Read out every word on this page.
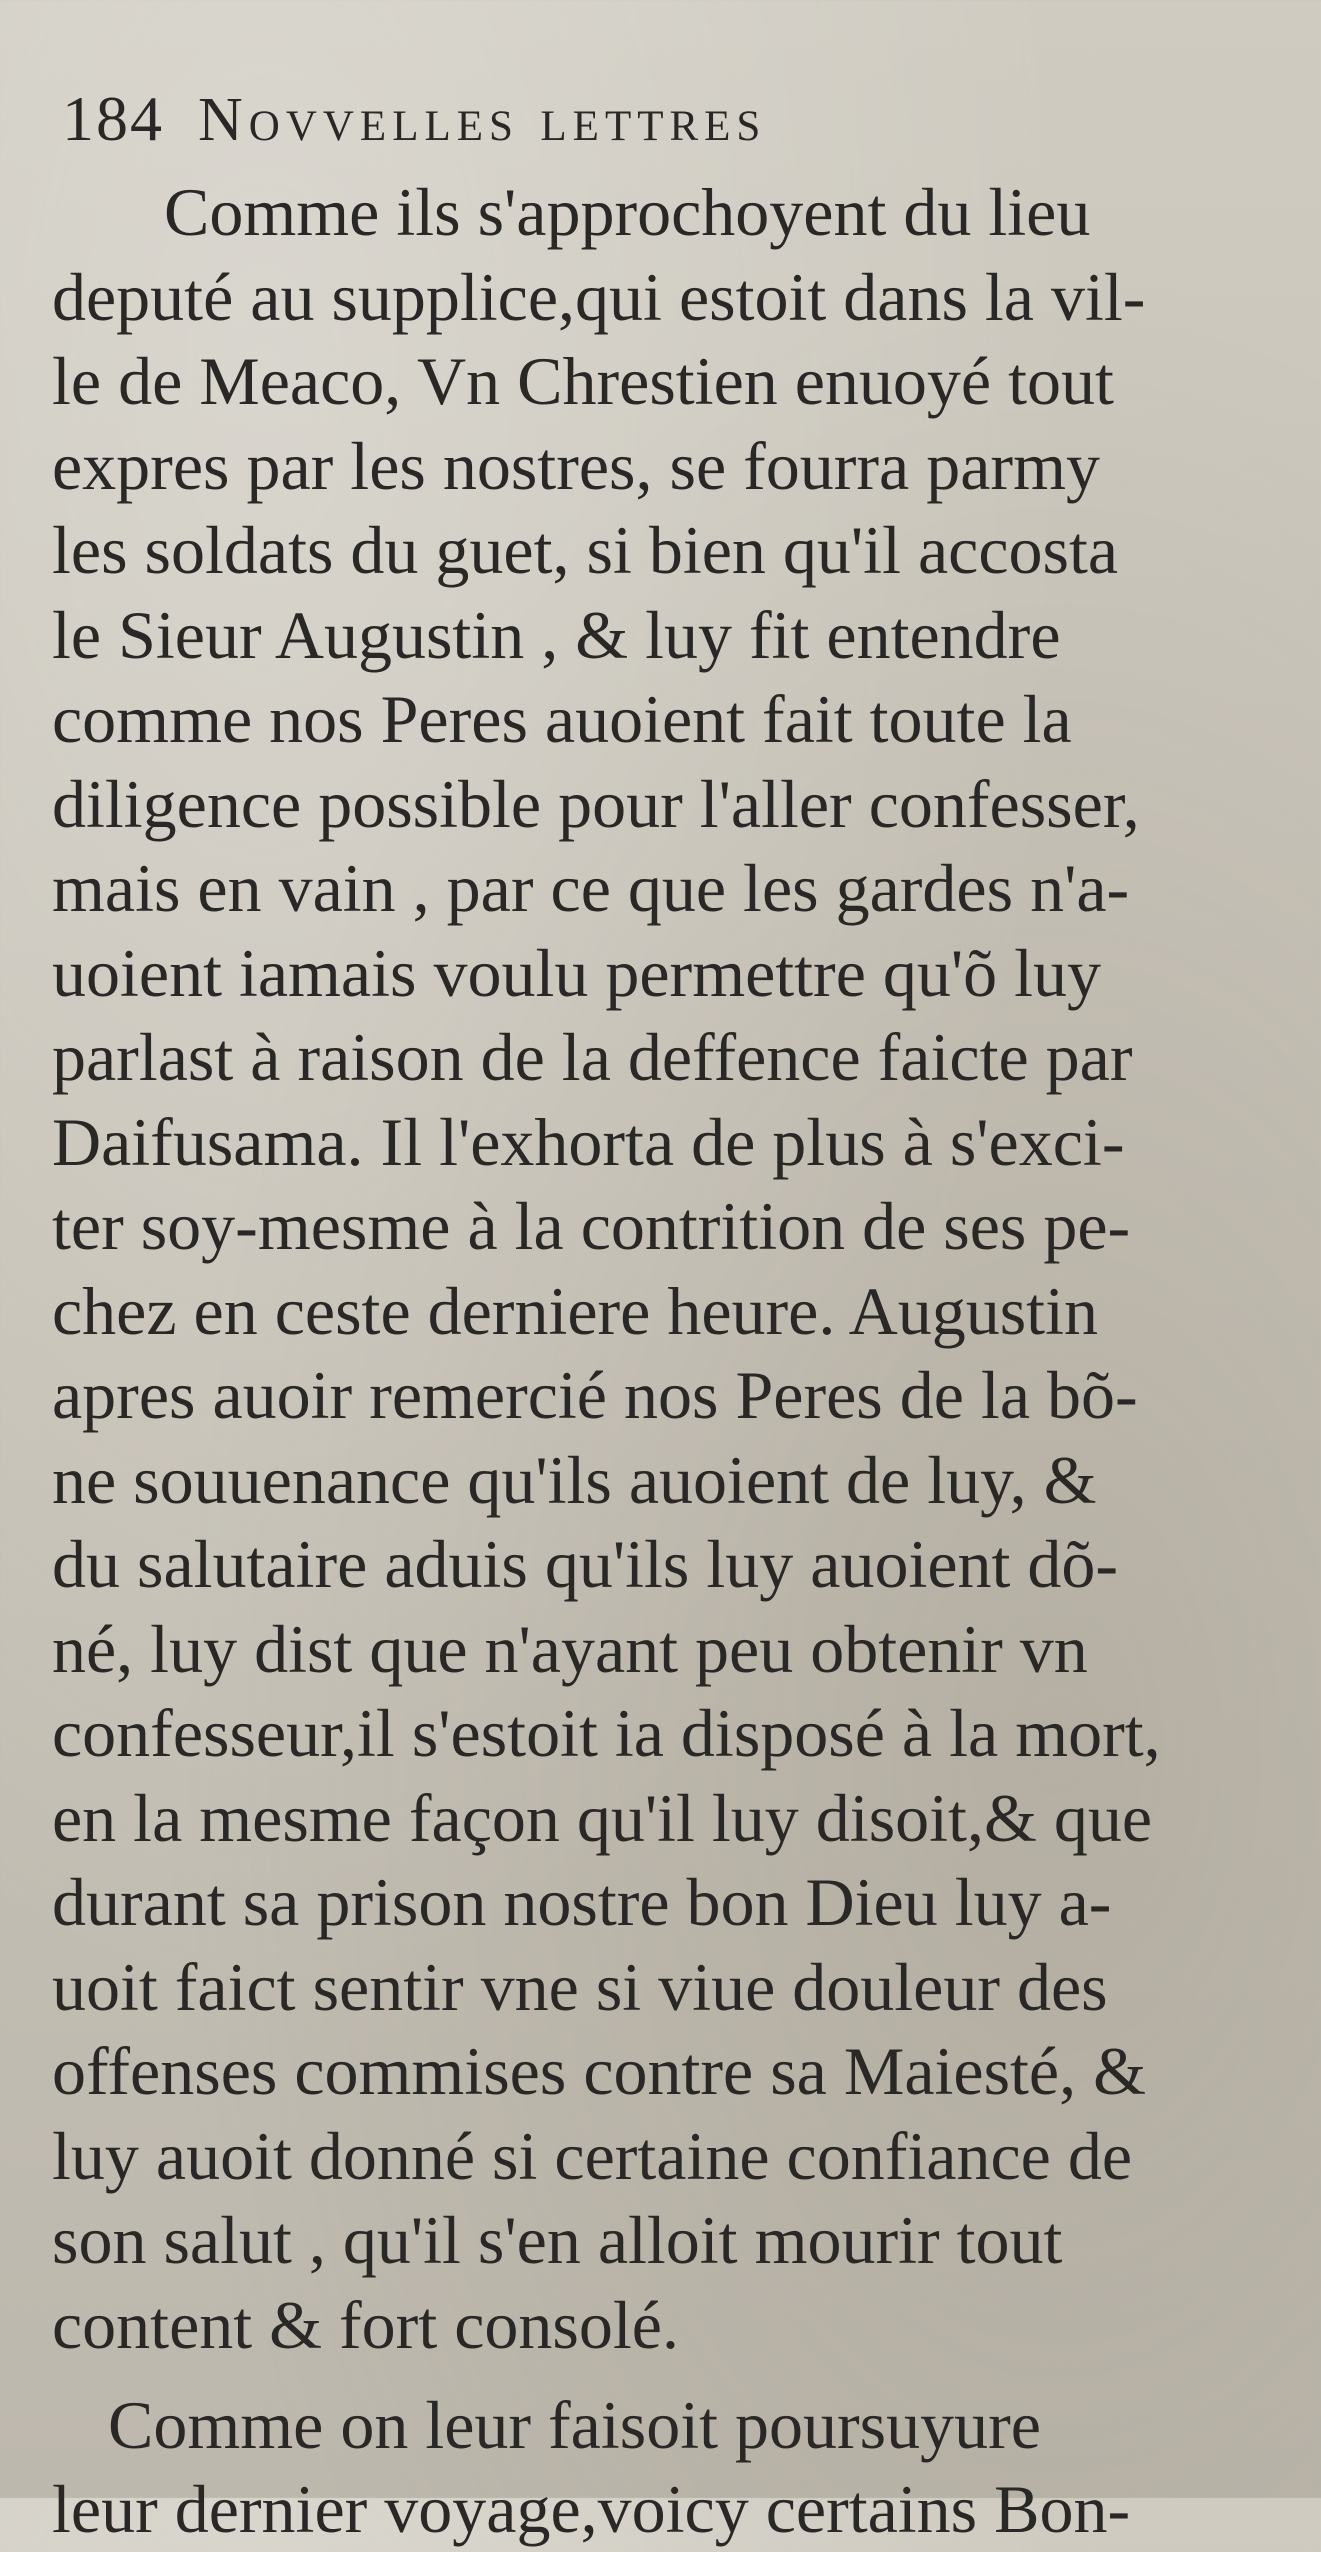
184 Novvelles lettres
Comme ils s'approchoyent du lieu
deputé au supplice,qui estoit dans la vil-
le de Meaco, Vn Chrestien enuoyé tout
expres par les nostres, se fourra parmy
les soldats du guet, si bien qu'il accosta
le Sieur Augustin , & luy fit entendre
comme nos Peres auoient fait toute la
diligence possible pour l'aller confesser,
mais en vain , par ce que les gardes n'a-
uoient iamais voulu permettre qu'õ luy
parlast à raison de la deffence faicte par
Daifusama. Il l'exhorta de plus à s'exci-
ter soy-mesme à la contrition de ses pe-
chez en ceste derniere heure. Augustin
apres auoir remercié nos Peres de la bõ-
ne souuenance qu'ils auoient de luy, &
du salutaire aduis qu'ils luy auoient dõ-
né, luy dist que n'ayant peu obtenir vn
confesseur,il s'estoit ia disposé à la mort,
en la mesme façon qu'il luy disoit,& que
durant sa prison nostre bon Dieu luy a-
uoit faict sentir vne si viue douleur des
offenses commises contre sa Maiesté, &
luy auoit donné si certaine confiance de
son salut , qu'il s'en alloit mourir tout
content & fort consolé.
Comme on leur faisoit poursuyure
leur dernier voyage,voicy certains Bon-
